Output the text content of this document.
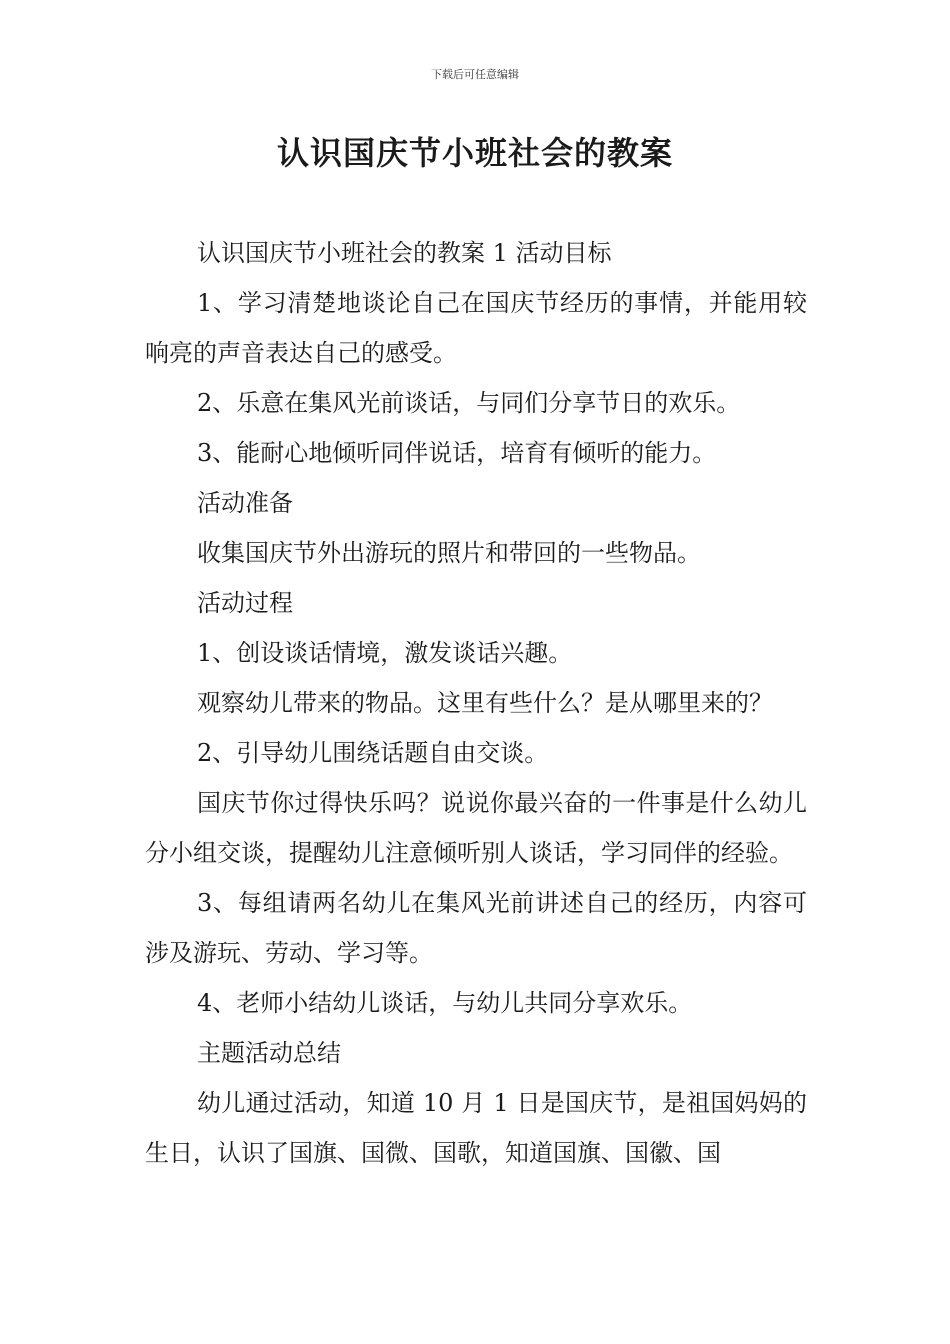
下载后可任意编辑
认识国庆节小班社会的教案

认识国庆节小班社会的教案 1 活动目标

1、学习清楚地谈论自己在国庆节经历的事情，并能用较响亮的声音表达自己的感受。

2、乐意在集风光前谈话，与同们分享节日的欢乐。

3、能耐心地倾听同伴说话，培育有倾听的能力。

活动准备

收集国庆节外出游玩的照片和带回的一些物品。

活动过程

1、创设谈话情境，激发谈话兴趣。

观察幼儿带来的物品。这里有些什么？是从哪里来的？

2、引导幼儿围绕话题自由交谈。

国庆节你过得快乐吗？说说你最兴奋的一件事是什么幼儿分小组交谈，提醒幼儿注意倾听别人谈话，学习同伴的经验。

3、每组请两名幼儿在集风光前讲述自己的经历，内容可涉及游玩、劳动、学习等。

4、老师小结幼儿谈话，与幼儿共同分享欢乐。

主题活动总结

幼儿通过活动，知道 10 月 1 日是国庆节，是祖国妈妈的生日，认识了国旗、国微、国歌，知道国旗、国徽、国
